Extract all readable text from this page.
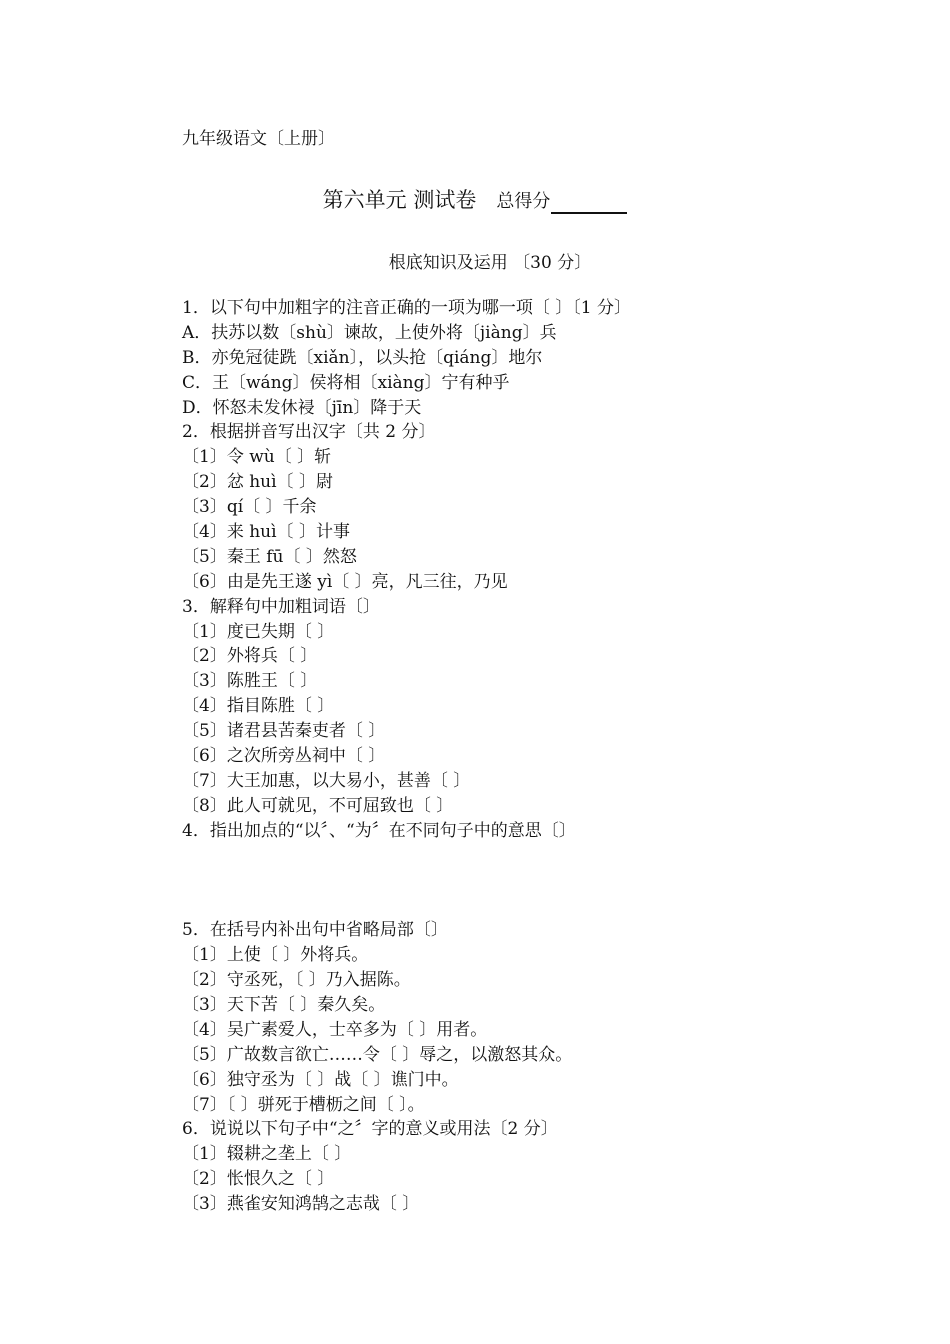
九年级语文〔上册〕
第六单元 测试卷 总得分
根底知识及运用 〔30 分〕
1．以下句中加粗字的注音正确的一项为哪一项〔 〕〔1 分〕
A．扶苏以数〔shù〕谏故，上使外将〔jiàng〕兵
B．亦免冠徒跣〔xiǎn〕，以头抢〔qiáng〕地尔
C．王〔wáng〕侯将相〔xiàng〕宁有种乎
D．怀怒未发休祲〔jīn〕降于天
2．根据拼音写出汉字〔共 2 分〕
〔1〕令 wù〔 〕斩
〔2〕忿 huì〔 〕尉
〔3〕qí〔 〕千余
〔4〕来 huì〔 〕计事
〔5〕秦王 fū〔 〕然怒
〔6〕由是先王遂 yì〔 〕亮，凡三往，乃见
3．解释句中加粗词语〔〕
〔1〕度已失期〔 〕
〔2〕外将兵〔 〕
〔3〕陈胜王〔 〕
〔4〕指目陈胜〔 〕
〔5〕诸君县苦秦吏者〔 〕
〔6〕之次所旁丛祠中〔 〕
〔7〕大王加惠，以大易小，甚善〔 〕
〔8〕此人可就见，不可屈致也〔 〕
4．指出加点的“以〞、“为〞在不同句子中的意思〔〕
5．在括号内补出句中省略局部〔〕
〔1〕上使〔 〕外将兵。
〔2〕守丞死，〔 〕乃入据陈。
〔3〕天下苦〔 〕秦久矣。
〔4〕吴广素爱人，士卒多为〔 〕用者。
〔5〕广故数言欲亡……令〔 〕辱之，以激怒其众。
〔6〕独守丞为〔 〕战〔 〕谯门中。
〔7〕〔 〕骈死于槽枥之间〔 〕。
6．说说以下句子中“之〞字的意义或用法〔2 分〕
〔1〕辍耕之垄上〔 〕
〔2〕怅恨久之〔 〕
〔3〕燕雀安知鸿鹄之志哉〔 〕
